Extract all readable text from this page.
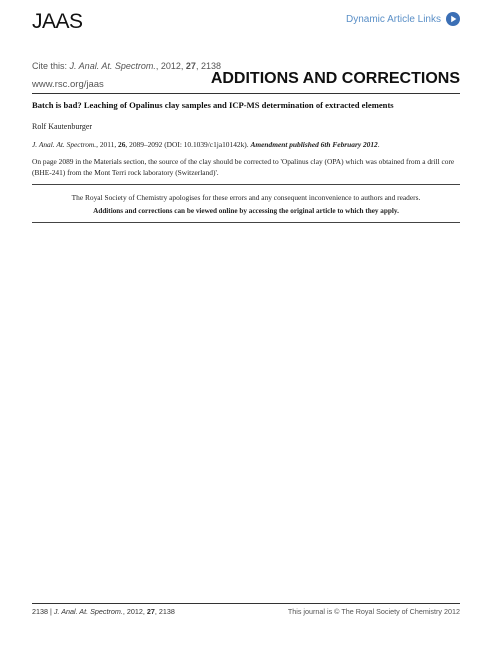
JAAS	Dynamic Article Links
Cite this: J. Anal. At. Spectrom., 2012, 27, 2138
www.rsc.org/jaas	ADDITIONS AND CORRECTIONS
Batch is bad? Leaching of Opalinus clay samples and ICP-MS determination of extracted elements
Rolf Kautenburger
J. Anal. At. Spectrom., 2011, 26, 2089–2092 (DOI: 10.1039/c1ja10142k). Amendment published 6th February 2012.

On page 2089 in the Materials section, the source of the clay should be corrected to 'Opalinus clay (OPA) which was obtained from a drill core (BHE-241) from the Mont Terri rock laboratory (Switzerland)'.

The Royal Society of Chemistry apologises for these errors and any consequent inconvenience to authors and readers.
Additions and corrections can be viewed online by accessing the original article to which they apply.
2138 | J. Anal. At. Spectrom., 2012, 27, 2138	This journal is © The Royal Society of Chemistry 2012
